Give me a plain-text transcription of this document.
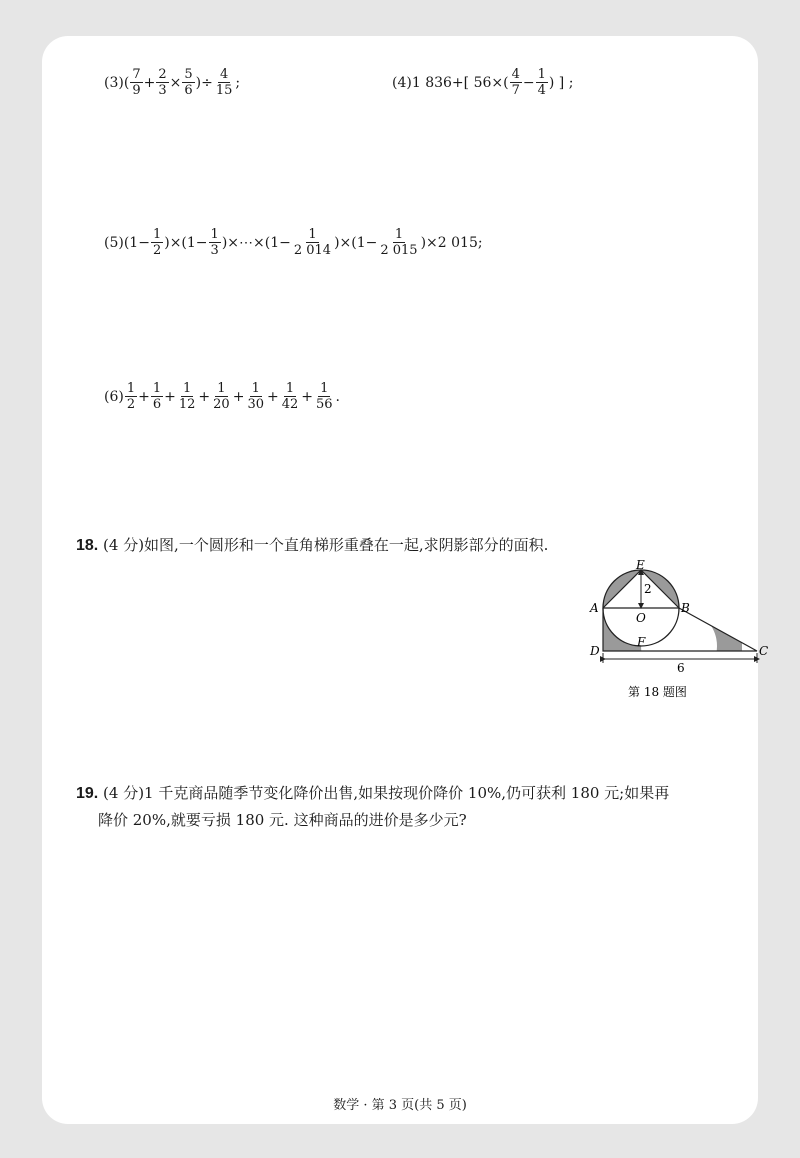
(3) ( $\frac{7}{9} + \frac{2}{3} \times \frac{5}{6}$ )÷ $\frac{4}{15}$ ;	(4) 1 836+[ $56\times( \frac{4}{7} - \frac{1}{4}$ ) ] ;
(5) $(1- \frac{1}{2} )\times(1- \frac{1}{3}$ )×⋯×(1− $\frac{1}{2 014} )\times(1- \frac{1}{2 015} )\times 2$ 015;
$(6) \frac{1}{2} + \frac{1}{6} + \frac{1}{12} + \frac{1}{20} + \frac{1}{30} + \frac{1}{42} + \frac{1}{56}$ .
18. (4 分)如图,一个圆形和一个直角梯形重叠在一起,求阴影部分的面积.
E
A	B
O
2
F
D	C
6
第 18 题图
19. (4 分)1 千克商品随季节变化降价出售,如果按现价降价 10%,仍可获利 180 元;如果再
降价 20%,就要亏损 180 元. 这种商品的进价是多少元?
数学 · 第 3 页(共 5 页)
